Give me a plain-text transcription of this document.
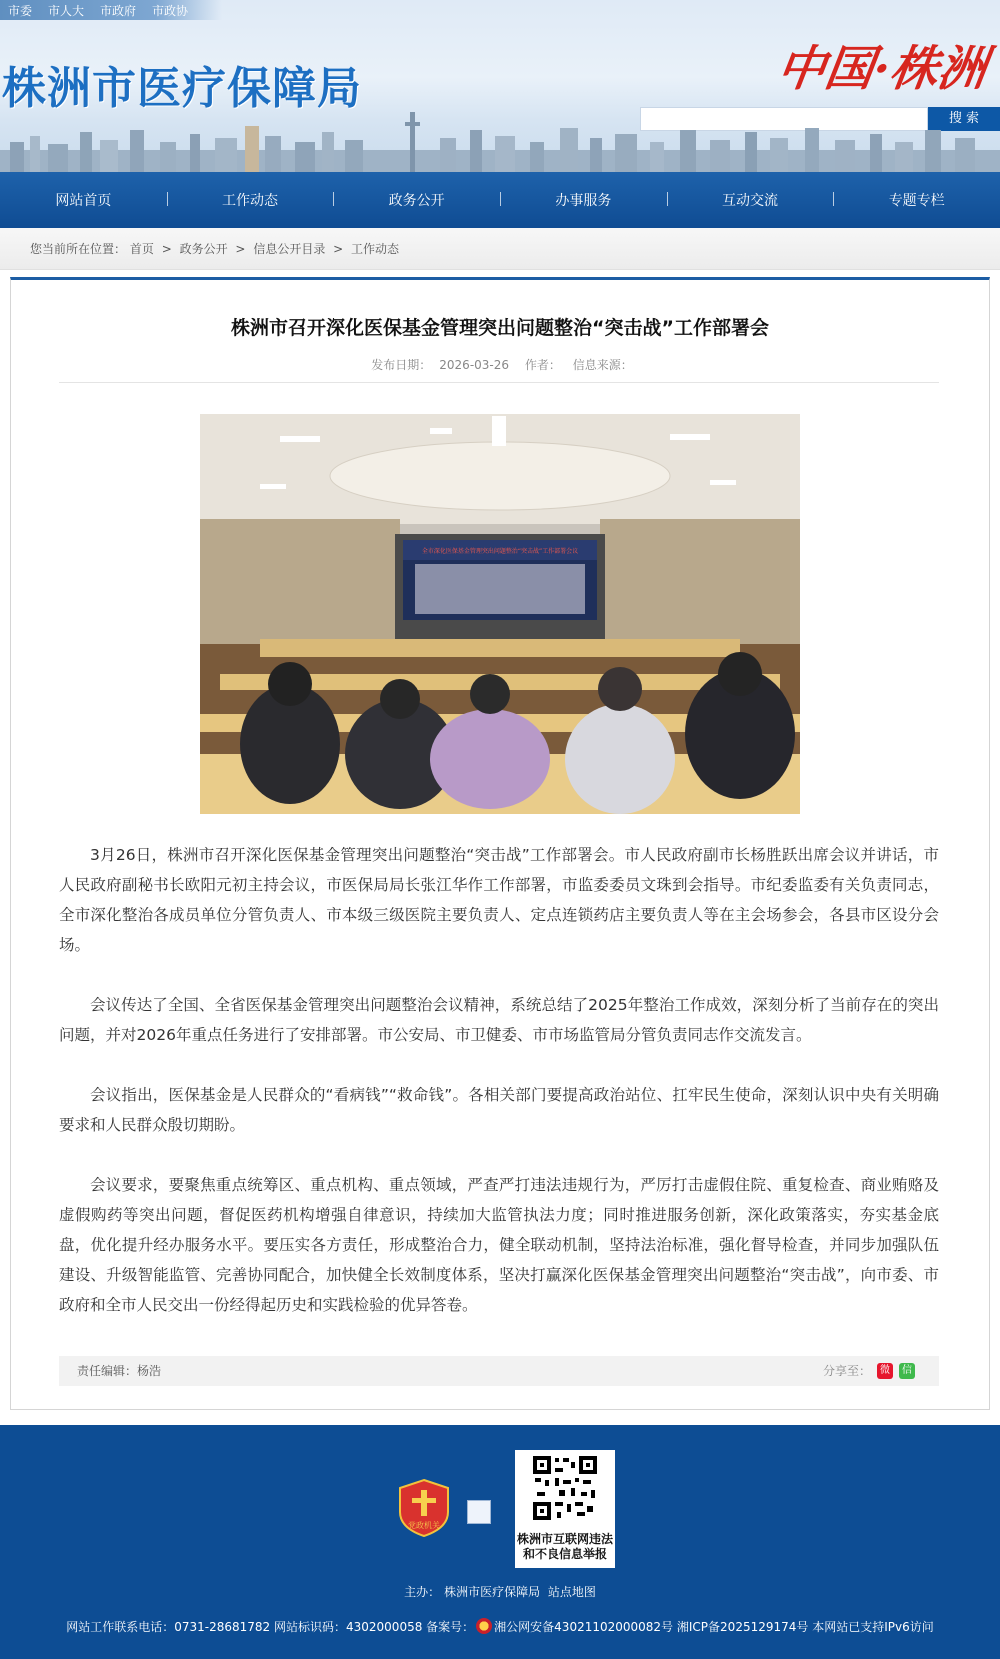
市委 市人大 市政府 市政协
株洲市医疗保障局	中国·株洲
搜 索
网站首页	工作动态	政务公开	办事服务	互动交流	专题专栏
您当前所在位置： 首页 > 政务公开 > 信息公开目录 > 工作动态
株洲市召开深化医保基金管理突出问题整治“突击战”工作部署会
发布日期： 2026-03-26 作者： 信息来源：
全市深化医保基金管理突出问题整治“突击战”工作部署会议

3月26日，株洲市召开深化医保基金管理突出问题整治“突击战”工作部署会。市人民政府副市长杨胜跃出席会议并讲话，市人民政府副秘书长欧阳元初主持会议，市医保局局长张江华作工作部署，市监委委员文珠到会指导。市纪委监委有关负责同志，全市深化整治各成员单位分管负责人、市本级三级医院主要负责人、定点连锁药店主要负责人等在主会场参会，各县市区设分会场。

会议传达了全国、全省医保基金管理突出问题整治会议精神，系统总结了2025年整治工作成效，深刻分析了当前存在的突出问题，并对2026年重点任务进行了安排部署。市公安局、市卫健委、市市场监管局分管负责同志作交流发言。

会议指出，医保基金是人民群众的“看病钱”“救命钱”。各相关部门要提高政治站位、扛牢民生使命，深刻认识中央有关明确要求和人民群众殷切期盼。

会议要求，要聚焦重点统筹区、重点机构、重点领域，严查严打违法违规行为，严厉打击虚假住院、重复检查、商业贿赂及虚假购药等突出问题，督促医药机构增强自律意识，持续加大监管执法力度；同时推进服务创新，深化政策落实，夯实基金底盘，优化提升经办服务水平。要压实各方责任，形成整治合力，健全联动机制，坚持法治标准，强化督导检查，并同步加强队伍建设、升级智能监管、完善协同配合，加快健全长效制度体系，坚决打赢深化医保基金管理突出问题整治“突击战”，向市委、市政府和全市人民交出一份经得起历史和实践检验的优异答卷。

责任编辑：杨浩	分享至： 微	信
党政机关
株洲市互联网违法
和不良信息举报
主办： 株洲市医疗保障局 站点地图
网站工作联系电话：0731-28681782 网站标识码：4302000058 备案号： 湘公网安备43021102000082号 湘ICP备2025129174号 本网站已支持IPv6访问
